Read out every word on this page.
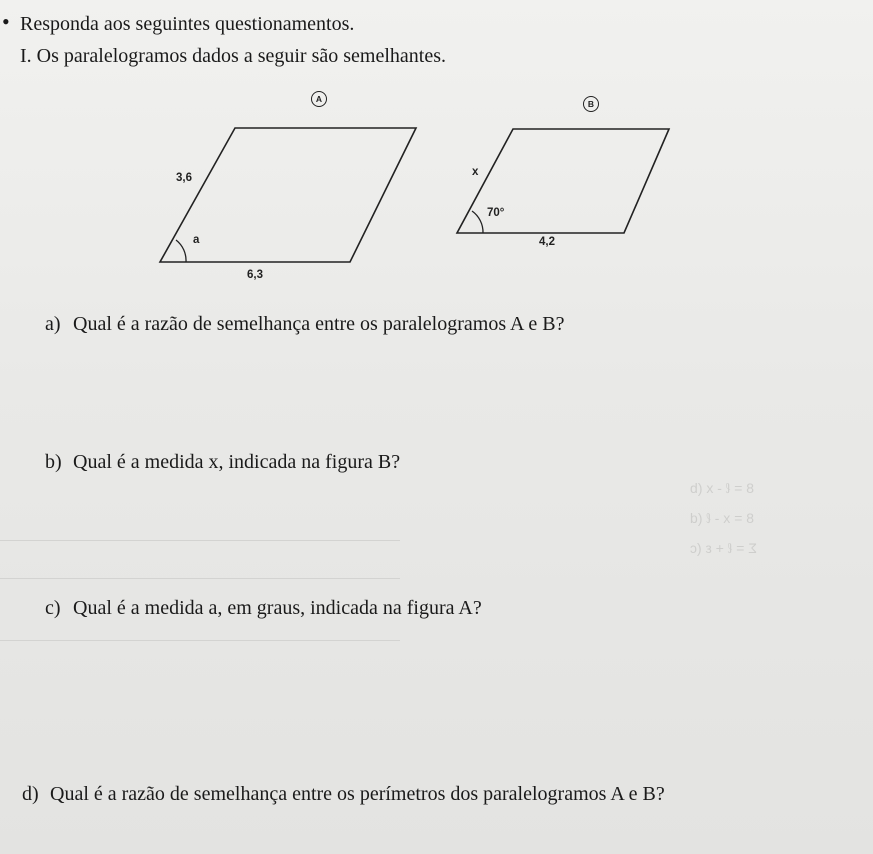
8 = ℓ - x (b
8 = x - ℓ (d
Σ = ℓ + ε (c
• Responda aos seguintes questionamentos.
I. Os paralelogramos dados a seguir são semelhantes.
A
3,6
a
6,3
B
x
70°
4,2
a) Qual é a razão de semelhança entre os paralelogramos A e B?
b) Qual é a medida x, indicada na figura B?
c) Qual é a medida a, em graus, indicada na figura A?
d) Qual é a razão de semelhança entre os perímetros dos paralelogramos A e B?
